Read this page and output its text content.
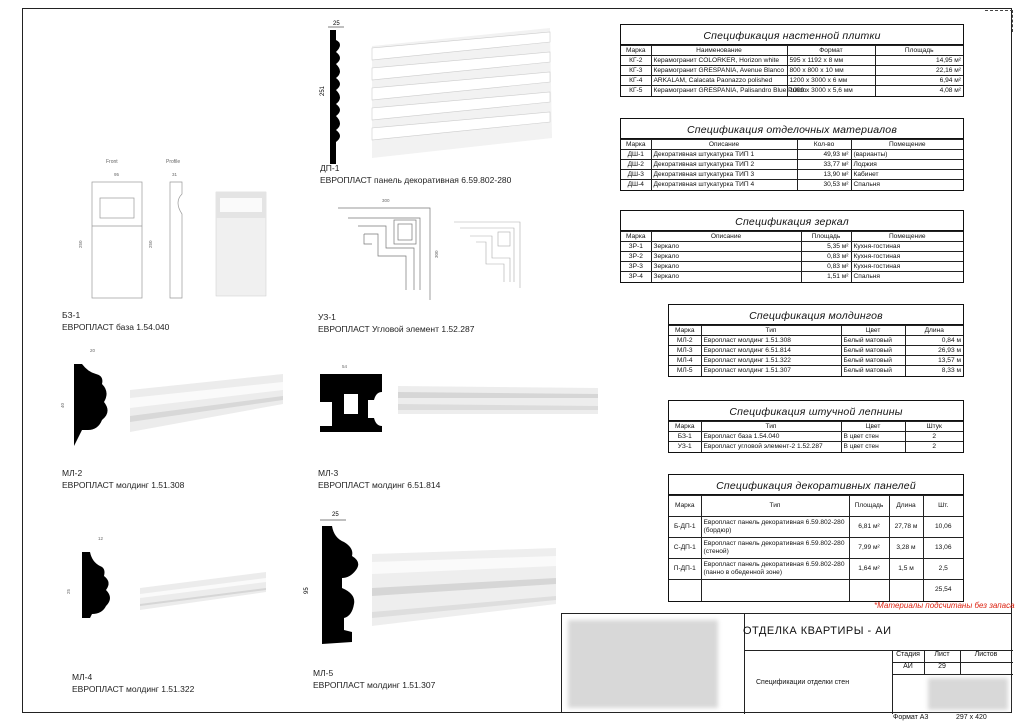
25
251
ДП-1
ЕВРОПЛАСТ панель декоративная 6.59.802-280
Front	Profile
95	31
250	250
БЗ-1
ЕВРОПЛАСТ база 1.54.040
300
300
УЗ-1
ЕВРОПЛАСТ Угловой элемент 1.52.287
20
40
МЛ-2
ЕВРОПЛАСТ молдинг 1.51.308
54
МЛ-3
ЕВРОПЛАСТ молдинг 6.51.814
12
25
МЛ-4
ЕВРОПЛАСТ молдинг 1.51.322
25
95
МЛ-5
ЕВРОПЛАСТ молдинг 1.51.307
Спецификация настенной плитки
Марка	Наименование	Формат	Площадь
КГ-2	Керамогранит COLORKER, Horizon white	595 x 1192 x 8 мм	14,95 м²
КГ-3	Керамогранит GRESPANIA, Avenue Blanco	800 x 800 x 10 мм	22,16 м²
КГ-4	ARKALAM, Calacata Paonazzo polished	1200 x 3000 x 6 мм	6,94 м²
КГ-5	Керамогранит GRESPANIA, Palisandro Blue Pulido	1000 x 3000 x 5,6 мм	4,08 м²
Спецификация отделочных материалов
Марка	Описание	Кол-во	Помещение
ДШ-1	Декоративная штукатурка ТИП 1	49,93 м²	(варианты)
ДШ-2	Декоративная штукатурка ТИП 2	33,77 м²	Лоджия
ДШ-3	Декоративная штукатурка ТИП 3	13,90 м²	Кабинет
ДШ-4	Декоративная штукатурка ТИП 4	30,53 м²	Спальня
Спецификация зеркал
Марка	Описание	Площадь	Помещение
ЗР-1	Зеркало	5,35 м²	Кухня-гостиная
ЗР-2	Зеркало	0,83 м²	Кухня-гостиная
ЗР-3	Зеркало	0,83 м²	Кухня-гостиная
ЗР-4	Зеркало	1,51 м²	Спальня
Спецификация молдингов
Марка	Тип	Цвет	Длина
МЛ-2	Европласт молдинг 1.51.308	Белый матовый	0,84 м
МЛ-3	Европласт молдинг 6.51.814	Белый матовый	26,93 м
МЛ-4	Европласт молдинг 1.51.322	Белый матовый	13,57 м
МЛ-5	Европласт молдинг 1.51.307	Белый матовый	8,33 м
Спецификация штучной лепнины
Марка	Тип	Цвет	Штук
БЗ-1	Европласт база 1.54.040	В цвет стен	2
УЗ-1	Европласт угловой элемент-2 1.52.287	В цвет стен	2
Спецификация декоративных панелей
Марка	Тип	Площадь	Длина	Шт.
Б-ДП-1	Европласт панель декоративная 6.59.802-280 (бордюр)	6,81 м²	27,78 м	10,06
С-ДП-1	Европласт панель декоративная 6.59.802-280 (стеной)	7,99 м²	3,28 м	13,06
П-ДП-1	Европласт панель декоративная 6.59.802-280 (панно в обеденной зоне)	1,64 м²	1,5 м	2,5
				25,54
*Материалы подсчитаны без запаса
ОТДЕЛКА КВАРТИРЫ - АИ
Спецификации отделки стен
Стадия	Лист	Листов
АИ	29
Формат А3	297 x 420
